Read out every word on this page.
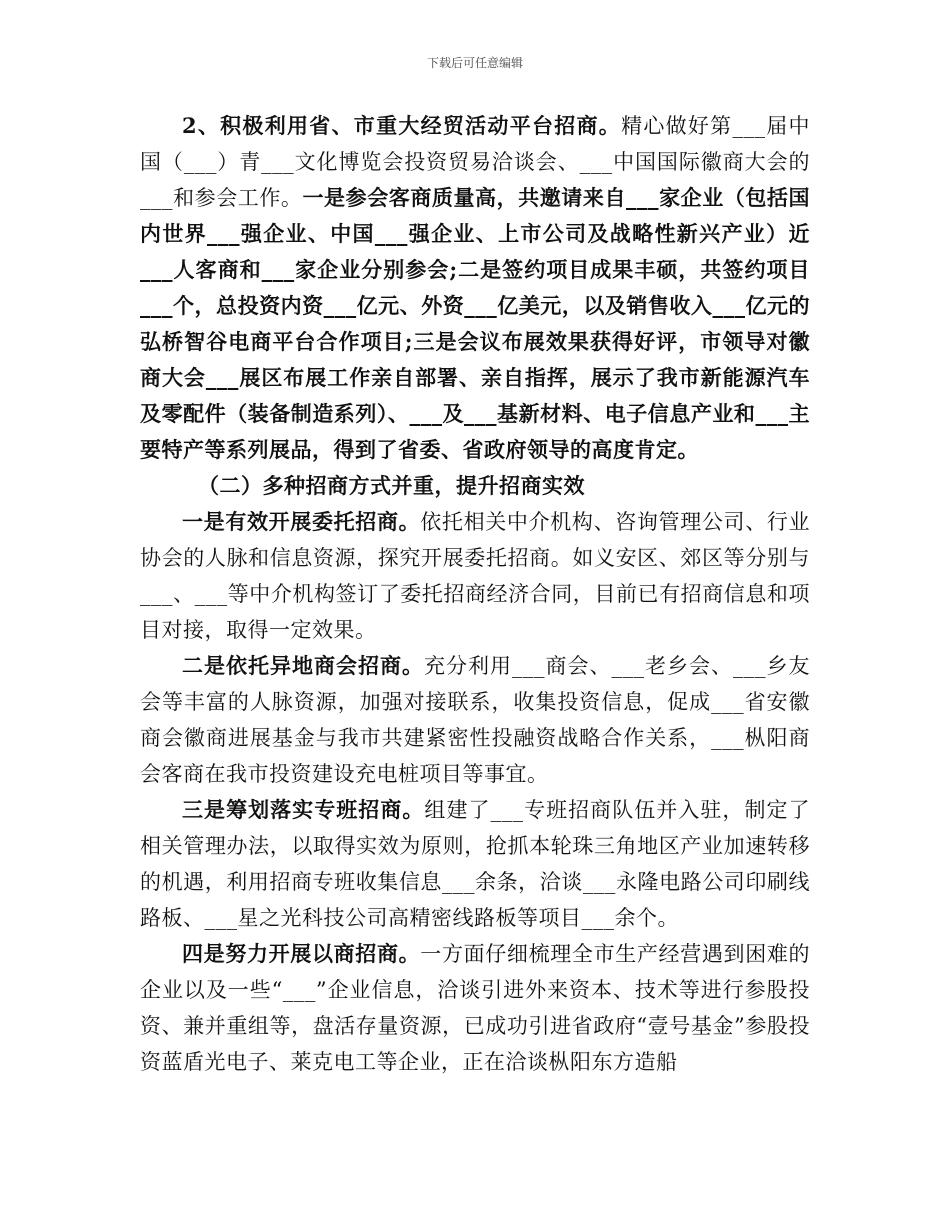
下载后可任意编辑

2、积极利用省、市重大经贸活动平台招商。精心做好第___届中国（___）青___文化博览会投资贸易洽谈会、___中国国际徽商大会的___和参会工作。一是参会客商质量高，共邀请来自___家企业（包括国内世界___强企业、中国___强企业、上市公司及战略性新兴产业）近___人客商和___家企业分别参会;二是签约项目成果丰硕，共签约项目___个，总投资内资___亿元、外资___亿美元，以及销售收入___亿元的弘桥智谷电商平台合作项目;三是会议布展效果获得好评，市领导对徽商大会___展区布展工作亲自部署、亲自指挥，展示了我市新能源汽车及零配件（装备制造系列）、___及___基新材料、电子信息产业和___主要特产等系列展品，得到了省委、省政府领导的高度肯定。

（二）多种招商方式并重，提升招商实效

一是有效开展委托招商。依托相关中介机构、咨询管理公司、行业协会的人脉和信息资源，探究开展委托招商。如义安区、郊区等分别与___、___等中介机构签订了委托招商经济合同，目前已有招商信息和项目对接，取得一定效果。

二是依托异地商会招商。充分利用___商会、___老乡会、___乡友会等丰富的人脉资源，加强对接联系，收集投资信息，促成___省安徽商会徽商进展基金与我市共建紧密性投融资战略合作关系，___枞阳商会客商在我市投资建设充电桩项目等事宜。

三是筹划落实专班招商。组建了___专班招商队伍并入驻，制定了相关管理办法，以取得实效为原则，抢抓本轮珠三角地区产业加速转移的机遇，利用招商专班收集信息___余条，洽谈___永隆电路公司印刷线路板、___星之光科技公司高精密线路板等项目___余个。

四是努力开展以商招商。一方面仔细梳理全市生产经营遇到困难的企业以及一些“___”企业信息，洽谈引进外来资本、技术等进行参股投资、兼并重组等，盘活存量资源，已成功引进省政府“壹号基金”参股投资蓝盾光电子、莱克电工等企业，正在洽谈枞阳东方造船
